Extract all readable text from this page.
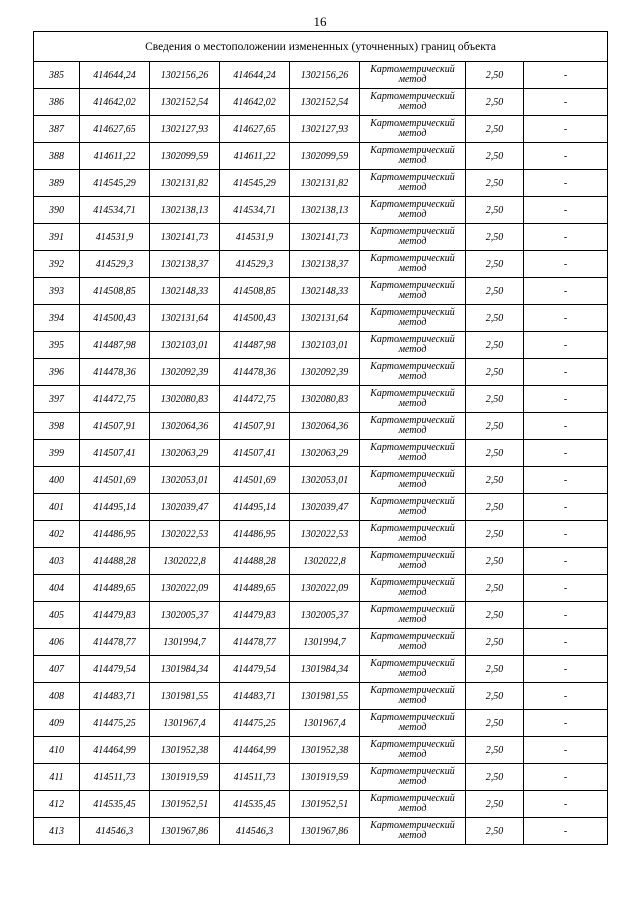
16
Сведения о местоположении измененных (уточненных) границ объекта							
385	414644,24	1302156,26	414644,24	1302156,26	Картометрический
метод	2,50	-
386	414642,02	1302152,54	414642,02	1302152,54	Картометрический
метод	2,50	-
387	414627,65	1302127,93	414627,65	1302127,93	Картометрический
метод	2,50	-
388	414611,22	1302099,59	414611,22	1302099,59	Картометрический
метод	2,50	-
389	414545,29	1302131,82	414545,29	1302131,82	Картометрический
метод	2,50	-
390	414534,71	1302138,13	414534,71	1302138,13	Картометрический
метод	2,50	-
391	414531,9	1302141,73	414531,9	1302141,73	Картометрический
метод	2,50	-
392	414529,3	1302138,37	414529,3	1302138,37	Картометрический
метод	2,50	-
393	414508,85	1302148,33	414508,85	1302148,33	Картометрический
метод	2,50	-
394	414500,43	1302131,64	414500,43	1302131,64	Картометрический
метод	2,50	-
395	414487,98	1302103,01	414487,98	1302103,01	Картометрический
метод	2,50	-
396	414478,36	1302092,39	414478,36	1302092,39	Картометрический
метод	2,50	-
397	414472,75	1302080,83	414472,75	1302080,83	Картометрический
метод	2,50	-
398	414507,91	1302064,36	414507,91	1302064,36	Картометрический
метод	2,50	-
399	414507,41	1302063,29	414507,41	1302063,29	Картометрический
метод	2,50	-
400	414501,69	1302053,01	414501,69	1302053,01	Картометрический
метод	2,50	-
401	414495,14	1302039,47	414495,14	1302039,47	Картометрический
метод	2,50	-
402	414486,95	1302022,53	414486,95	1302022,53	Картометрический
метод	2,50	-
403	414488,28	1302022,8	414488,28	1302022,8	Картометрический
метод	2,50	-
404	414489,65	1302022,09	414489,65	1302022,09	Картометрический
метод	2,50	-
405	414479,83	1302005,37	414479,83	1302005,37	Картометрический
метод	2,50	-
406	414478,77	1301994,7	414478,77	1301994,7	Картометрический
метод	2,50	-
407	414479,54	1301984,34	414479,54	1301984,34	Картометрический
метод	2,50	-
408	414483,71	1301981,55	414483,71	1301981,55	Картометрический
метод	2,50	-
409	414475,25	1301967,4	414475,25	1301967,4	Картометрический
метод	2,50	-
410	414464,99	1301952,38	414464,99	1301952,38	Картометрический
метод	2,50	-
411	414511,73	1301919,59	414511,73	1301919,59	Картометрический
метод	2,50	-
412	414535,45	1301952,51	414535,45	1301952,51	Картометрический
метод	2,50	-
413	414546,3	1301967,86	414546,3	1301967,86	Картометрический
метод	2,50	-
